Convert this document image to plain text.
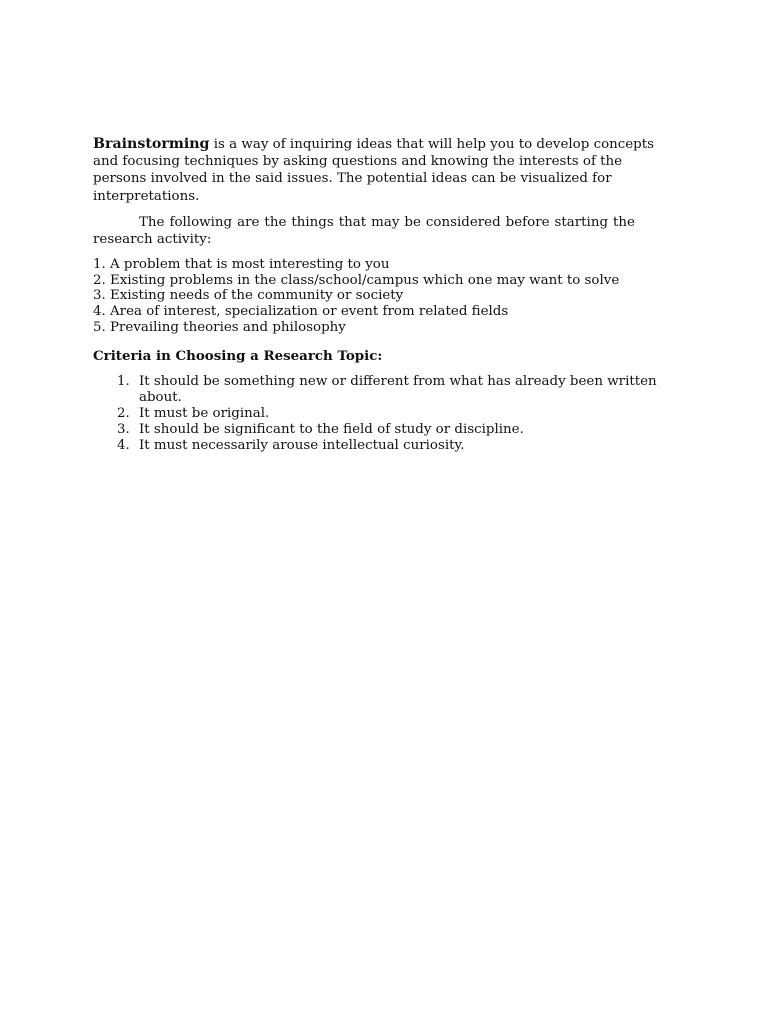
Brainstorming is a way of inquiring ideas that will help you to develop concepts and focusing techniques by asking questions and knowing the interests of the persons involved in the said issues. The potential ideas can be visualized for interpretations.

The following are the things that may be considered before starting the research activity:

1. A problem that is most interesting to you
2. Existing problems in the class/school/campus which one may want to solve
3. Existing needs of the community or society
4. Area of interest, specialization or event from related fields
5. Prevailing theories and philosophy

Criteria in Choosing a Research Topic:

1. It should be something new or different from what has already been written about.
2. It must be original.
3. It should be significant to the field of study or discipline.
4. It must necessarily arouse intellectual curiosity.
